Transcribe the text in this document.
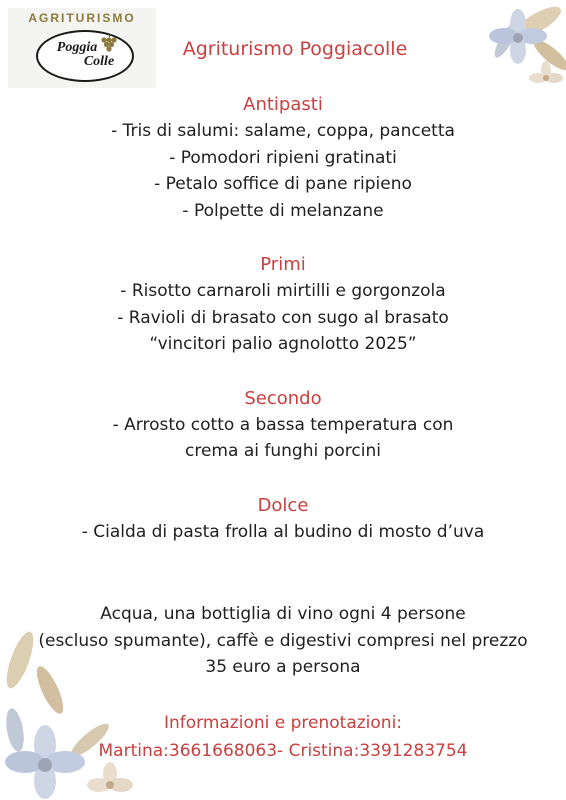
AGRITURISMO
Poggia
Colle
Agriturismo Poggiacolle
Antipasti
- Tris di salumi: salame, coppa, pancetta
- Pomodori ripieni gratinati
- Petalo soffice di pane ripieno
- Polpette di melanzane
Primi
- Risotto carnaroli mirtilli e gorgonzola
- Ravioli di brasato con sugo al brasato
“vincitori palio agnolotto 2025”
Secondo
- Arrosto cotto a bassa temperatura con
crema ai funghi porcini
Dolce
- Cialda di pasta frolla al budino di mosto d’uva
Acqua, una bottiglia di vino ogni 4 persone
(escluso spumante), caffè e digestivi compresi nel prezzo
35 euro a persona
Informazioni e prenotazioni:
Martina:3661668063- Cristina:3391283754
